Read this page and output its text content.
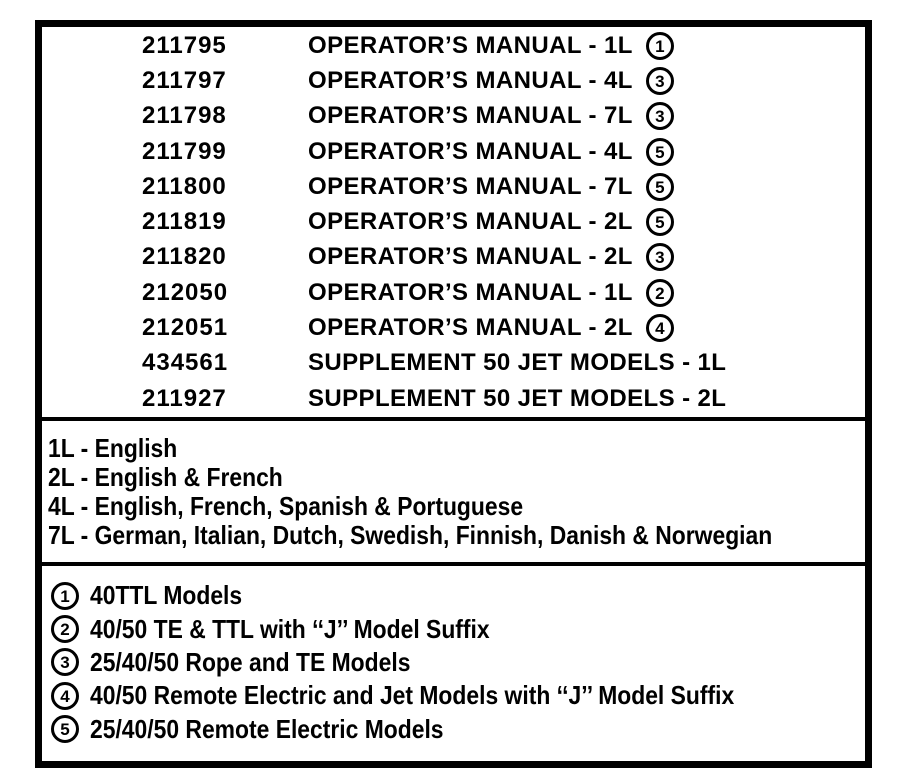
211795	OPERATOR’S MANUAL - 1L	1
211797	OPERATOR’S MANUAL - 4L	3
211798	OPERATOR’S MANUAL - 7L	3
211799	OPERATOR’S MANUAL - 4L	5
211800	OPERATOR’S MANUAL - 7L	5
211819	OPERATOR’S MANUAL - 2L	5
211820	OPERATOR’S MANUAL - 2L	3
212050	OPERATOR’S MANUAL - 1L	2
212051	OPERATOR’S MANUAL - 2L	4
434561	SUPPLEMENT 50 JET MODELS - 1L
211927	SUPPLEMENT 50 JET MODELS - 2L
1L - English
2L - English & French
4L - English, French, Spanish & Portuguese
7L - German, Italian, Dutch, Swedish, Finnish, Danish & Norwegian
1 40TTL Models
2 40/50 TE & TTL with ‘‘J’’ Model Suffix
3 25/40/50 Rope and TE Models
4 40/50 Remote Electric and Jet Models with ‘‘J’’ Model Suffix
5 25/40/50 Remote Electric Models
